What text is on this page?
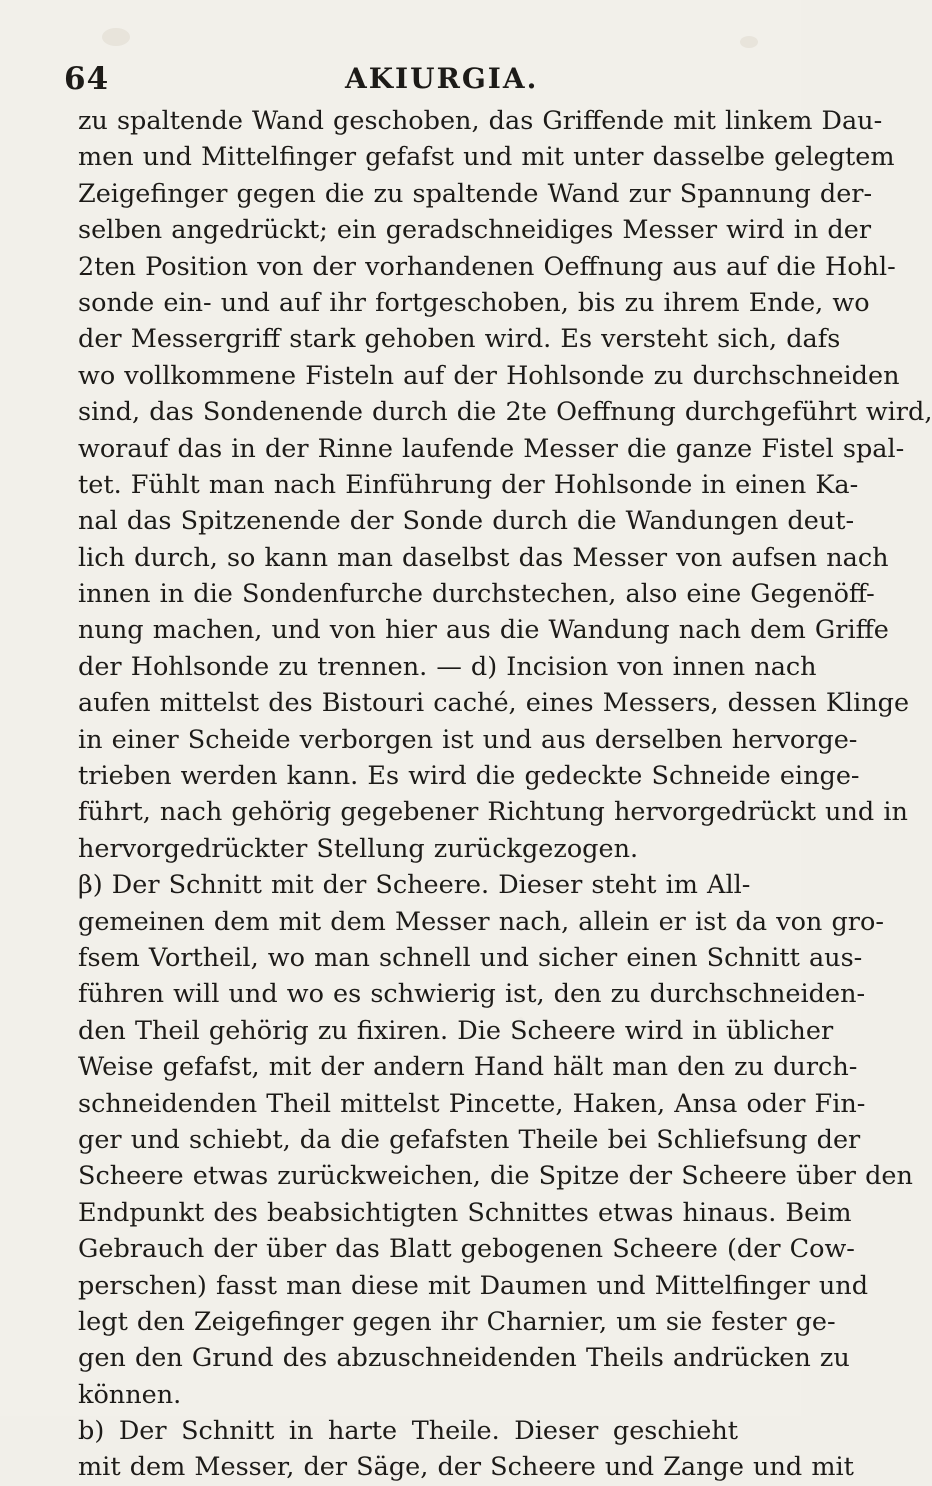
64	AKIURGIA.
zu spaltende Wand geschoben, das Griffende mit linkem Dau-
men und Mittelfinger gefafst und mit unter dasselbe gelegtem
Zeigefinger gegen die zu spaltende Wand zur Spannung der-
selben angedrückt; ein geradschneidiges Messer wird in der
2ten Position von der vorhandenen Oeffnung aus auf die Hohl-
sonde ein- und auf ihr fortgeschoben, bis zu ihrem Ende, wo
der Messergriff stark gehoben wird. Es versteht sich, dafs
wo vollkommene Fisteln auf der Hohlsonde zu durchschneiden
sind, das Sondenende durch die 2te Oeffnung durchgeführt wird,
worauf das in der Rinne laufende Messer die ganze Fistel spal-
tet. Fühlt man nach Einführung der Hohlsonde in einen Ka-
nal das Spitzenende der Sonde durch die Wandungen deut-
lich durch, so kann man daselbst das Messer von aufsen nach
innen in die Sondenfurche durchstechen, also eine Gegenöff-
nung machen, und von hier aus die Wandung nach dem Griffe
der Hohlsonde zu trennen. — d) Incision von innen nach
aufen mittelst des Bistouri caché, eines Messers, dessen Klinge
in einer Scheide verborgen ist und aus derselben hervorge-
trieben werden kann. Es wird die gedeckte Schneide einge-
führt, nach gehörig gegebener Richtung hervorgedrückt und in
hervorgedrückter Stellung zurückgezogen.
β) Der Schnitt mit der Scheere. Dieser steht im All-
gemeinen dem mit dem Messer nach, allein er ist da von gro-
fsem Vortheil, wo man schnell und sicher einen Schnitt aus-
führen will und wo es schwierig ist, den zu durchschneiden-
den Theil gehörig zu fixiren. Die Scheere wird in üblicher
Weise gefafst, mit der andern Hand hält man den zu durch-
schneidenden Theil mittelst Pincette, Haken, Ansa oder Fin-
ger und schiebt, da die gefafsten Theile bei Schliefsung der
Scheere etwas zurückweichen, die Spitze der Scheere über den
Endpunkt des beabsichtigten Schnittes etwas hinaus. Beim
Gebrauch der über das Blatt gebogenen Scheere (der Cow-
perschen) fasst man diese mit Daumen und Mittelfinger und
legt den Zeigefinger gegen ihr Charnier, um sie fester ge-
gen den Grund des abzuschneidenden Theils andrücken zu
können.
b) Der Schnitt in harte Theile. Dieser geschieht
mit dem Messer, der Säge, der Scheere und Zange und mit
